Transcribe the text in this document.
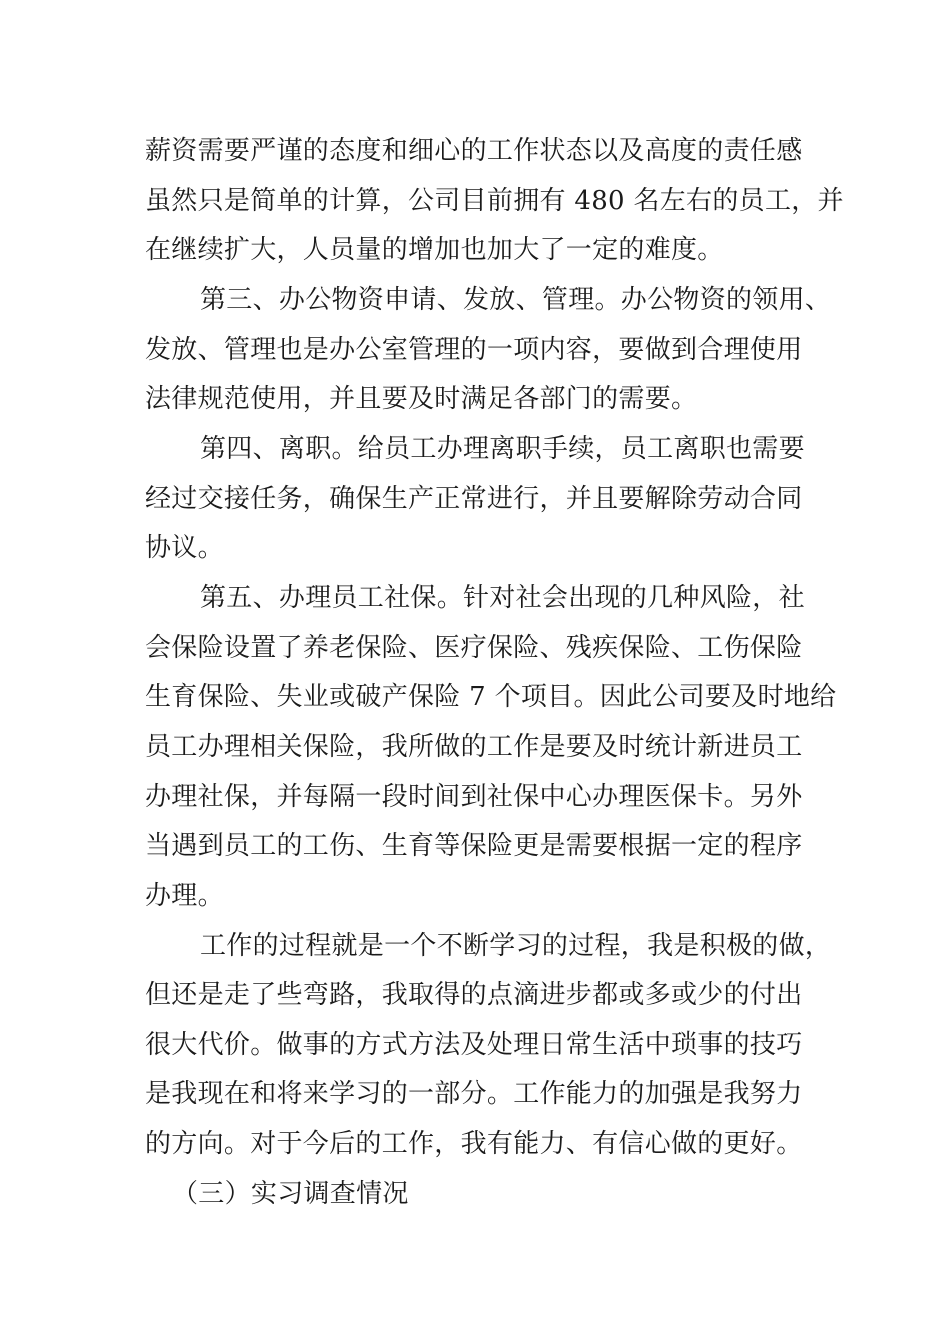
薪资需要严谨的态度和细心的工作状态以及高度的责任感
虽然只是简单的计算，公司目前拥有 480 名左右的员工，并
在继续扩大，人员量的增加也加大了一定的难度。
第三、办公物资申请、发放、管理。办公物资的领用、
发放、管理也是办公室管理的一项内容，要做到合理使用
法律规范使用，并且要及时满足各部门的需要。
第四、离职。给员工办理离职手续，员工离职也需要
经过交接任务，确保生产正常进行，并且要解除劳动合同
协议。
第五、办理员工社保。针对社会出现的几种风险，社
会保险设置了养老保险、医疗保险、残疾保险、工伤保险
生育保险、失业或破产保险 7 个项目。因此公司要及时地给
员工办理相关保险，我所做的工作是要及时统计新进员工
办理社保，并每隔一段时间到社保中心办理医保卡。另外
当遇到员工的工伤、生育等保险更是需要根据一定的程序
办理。
工作的过程就是一个不断学习的过程，我是积极的做，
但还是走了些弯路，我取得的点滴进步都或多或少的付出
很大代价。做事的方式方法及处理日常生活中琐事的技巧
是我现在和将来学习的一部分。工作能力的加强是我努力
的方向。对于今后的工作，我有能力、有信心做的更好。
（三）实习调查情况
